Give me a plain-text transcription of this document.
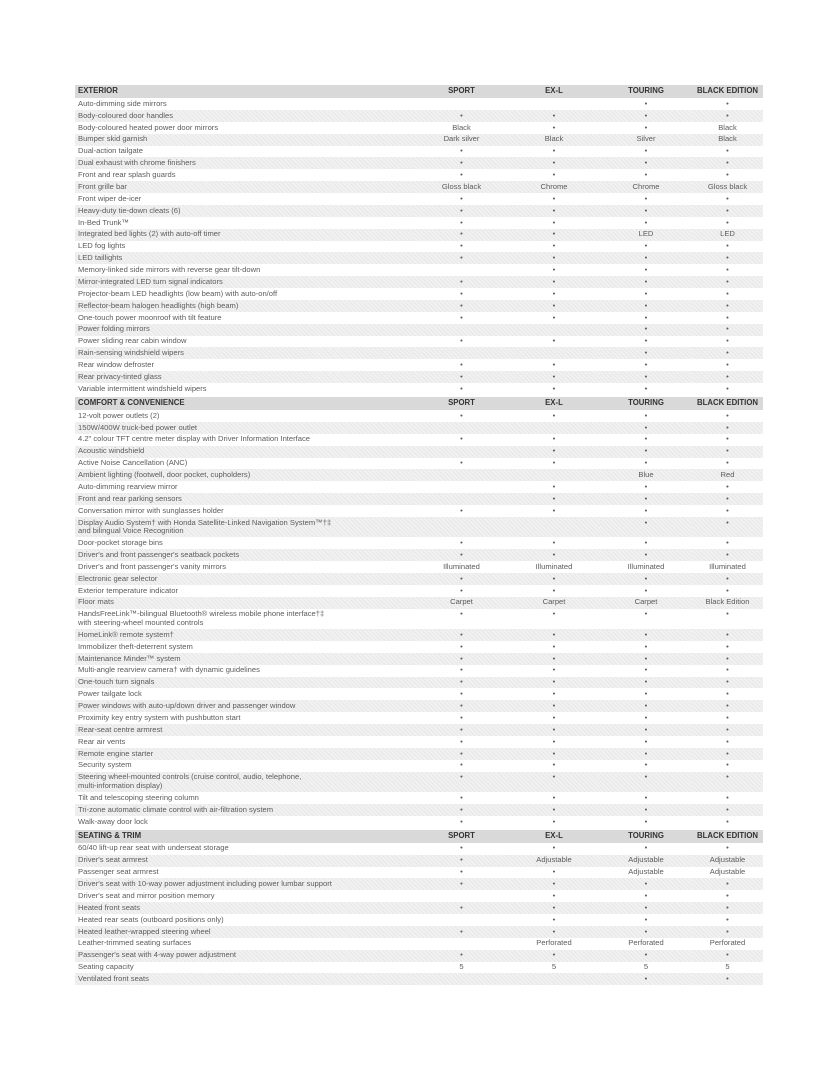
EXTERIOR	SPORT	EX-L	TOURING	BLACK EDITION
Auto-dimming side mirrors			•	•
Body-coloured door handles	•	•	•	•
Body-coloured heated power door mirrors	Black	•	•	Black
Bumper skid garnish	Dark silver	Black	Silver	Black
Dual-action tailgate	•	•	•	•
Dual exhaust with chrome finishers	•	•	•	•
Front and rear splash guards	•	•	•	•
Front grille bar	Gloss black	Chrome	Chrome	Gloss black
Front wiper de-icer	•	•	•	•
Heavy-duty tie-down cleats (6)	•	•	•	•
In-Bed Trunk™	•	•	•	•
Integrated bed lights (2) with auto-off timer	•	•	LED	LED
LED fog lights	•	•	•	•
LED taillights	•	•	•	•
Memory-linked side mirrors with reverse gear tilt-down		•	•	•
Mirror-integrated LED turn signal indicators	•	•	•	•
Projector-beam LED headlights (low beam) with auto-on/off	•	•	•	•
Reflector-beam halogen headlights (high beam)	•	•	•	•
One-touch power moonroof with tilt feature	•	•	•	•
Power folding mirrors			•	•
Power sliding rear cabin window	•	•	•	•
Rain-sensing windshield wipers			•	•
Rear window defroster	•	•	•	•
Rear privacy-tinted glass	•	•	•	•
Variable intermittent windshield wipers	•	•	•	•

COMFORT & CONVENIENCE	SPORT	EX-L	TOURING	BLACK EDITION
12-volt power outlets (2)	•	•	•	•
150W/400W truck-bed power outlet			•	•
4.2" colour TFT centre meter display with Driver Information Interface	•	•	•	•
Acoustic windshield		•	•	•
Active Noise Cancellation (ANC)	•	•	•	•
Ambient lighting (footwell, door pocket, cupholders)			Blue	Red
Auto-dimming rearview mirror		•	•	•
Front and rear parking sensors		•	•	•
Conversation mirror with sunglasses holder	•	•	•	•
Display Audio System† with Honda Satellite-Linked Navigation System™†‡
and bilingual Voice Recognition			•	•
Door-pocket storage bins	•	•	•	•
Driver's and front passenger's seatback pockets	•	•	•	•
Driver's and front passenger's vanity mirrors	Illuminated	Illuminated	Illuminated	Illuminated
Electronic gear selector	•	•	•	•
Exterior temperature indicator	•	•	•	•
Floor mats	Carpet	Carpet	Carpet	Black Edition
HandsFreeLink™-bilingual Bluetooth® wireless mobile phone interface†‡
with steering-wheel mounted controls	•	•	•	•
HomeLink® remote system†	•	•	•	•
Immobilizer theft-deterrent system	•	•	•	•
Maintenance Minder™ system	•	•	•	•
Multi-angle rearview camera† with dynamic guidelines	•	•	•	•
One-touch turn signals	•	•	•	•
Power tailgate lock	•	•	•	•
Power windows with auto-up/down driver and passenger window	•	•	•	•
Proximity key entry system with pushbutton start	•	•	•	•
Rear-seat centre armrest	•	•	•	•
Rear air vents	•	•	•	•
Remote engine starter	•	•	•	•
Security system	•	•	•	•
Steering wheel-mounted controls (cruise control, audio, telephone,
multi-information display)	•	•	•	•
Tilt and telescoping steering column	•	•	•	•
Tri-zone automatic climate control with air-filtration system	•	•	•	•
Walk-away door lock	•	•	•	•

SEATING & TRIM	SPORT	EX-L	TOURING	BLACK EDITION
60/40 lift-up rear seat with underseat storage	•	•	•	•
Driver's seat armrest	•	Adjustable	Adjustable	Adjustable
Passenger seat armrest	•	•	Adjustable	Adjustable
Driver's seat with 10-way power adjustment including power lumbar support	•	•	•	•
Driver's seat and mirror position memory		•	•	•
Heated front seats	•	•	•	•
Heated rear seats (outboard positions only)		•	•	•
Heated leather-wrapped steering wheel	•	•	•	•
Leather-trimmed seating surfaces		Perforated	Perforated	Perforated
Passenger's seat with 4-way power adjustment	•	•	•	•
Seating capacity	5	5	5	5
Ventilated front seats			•	•
